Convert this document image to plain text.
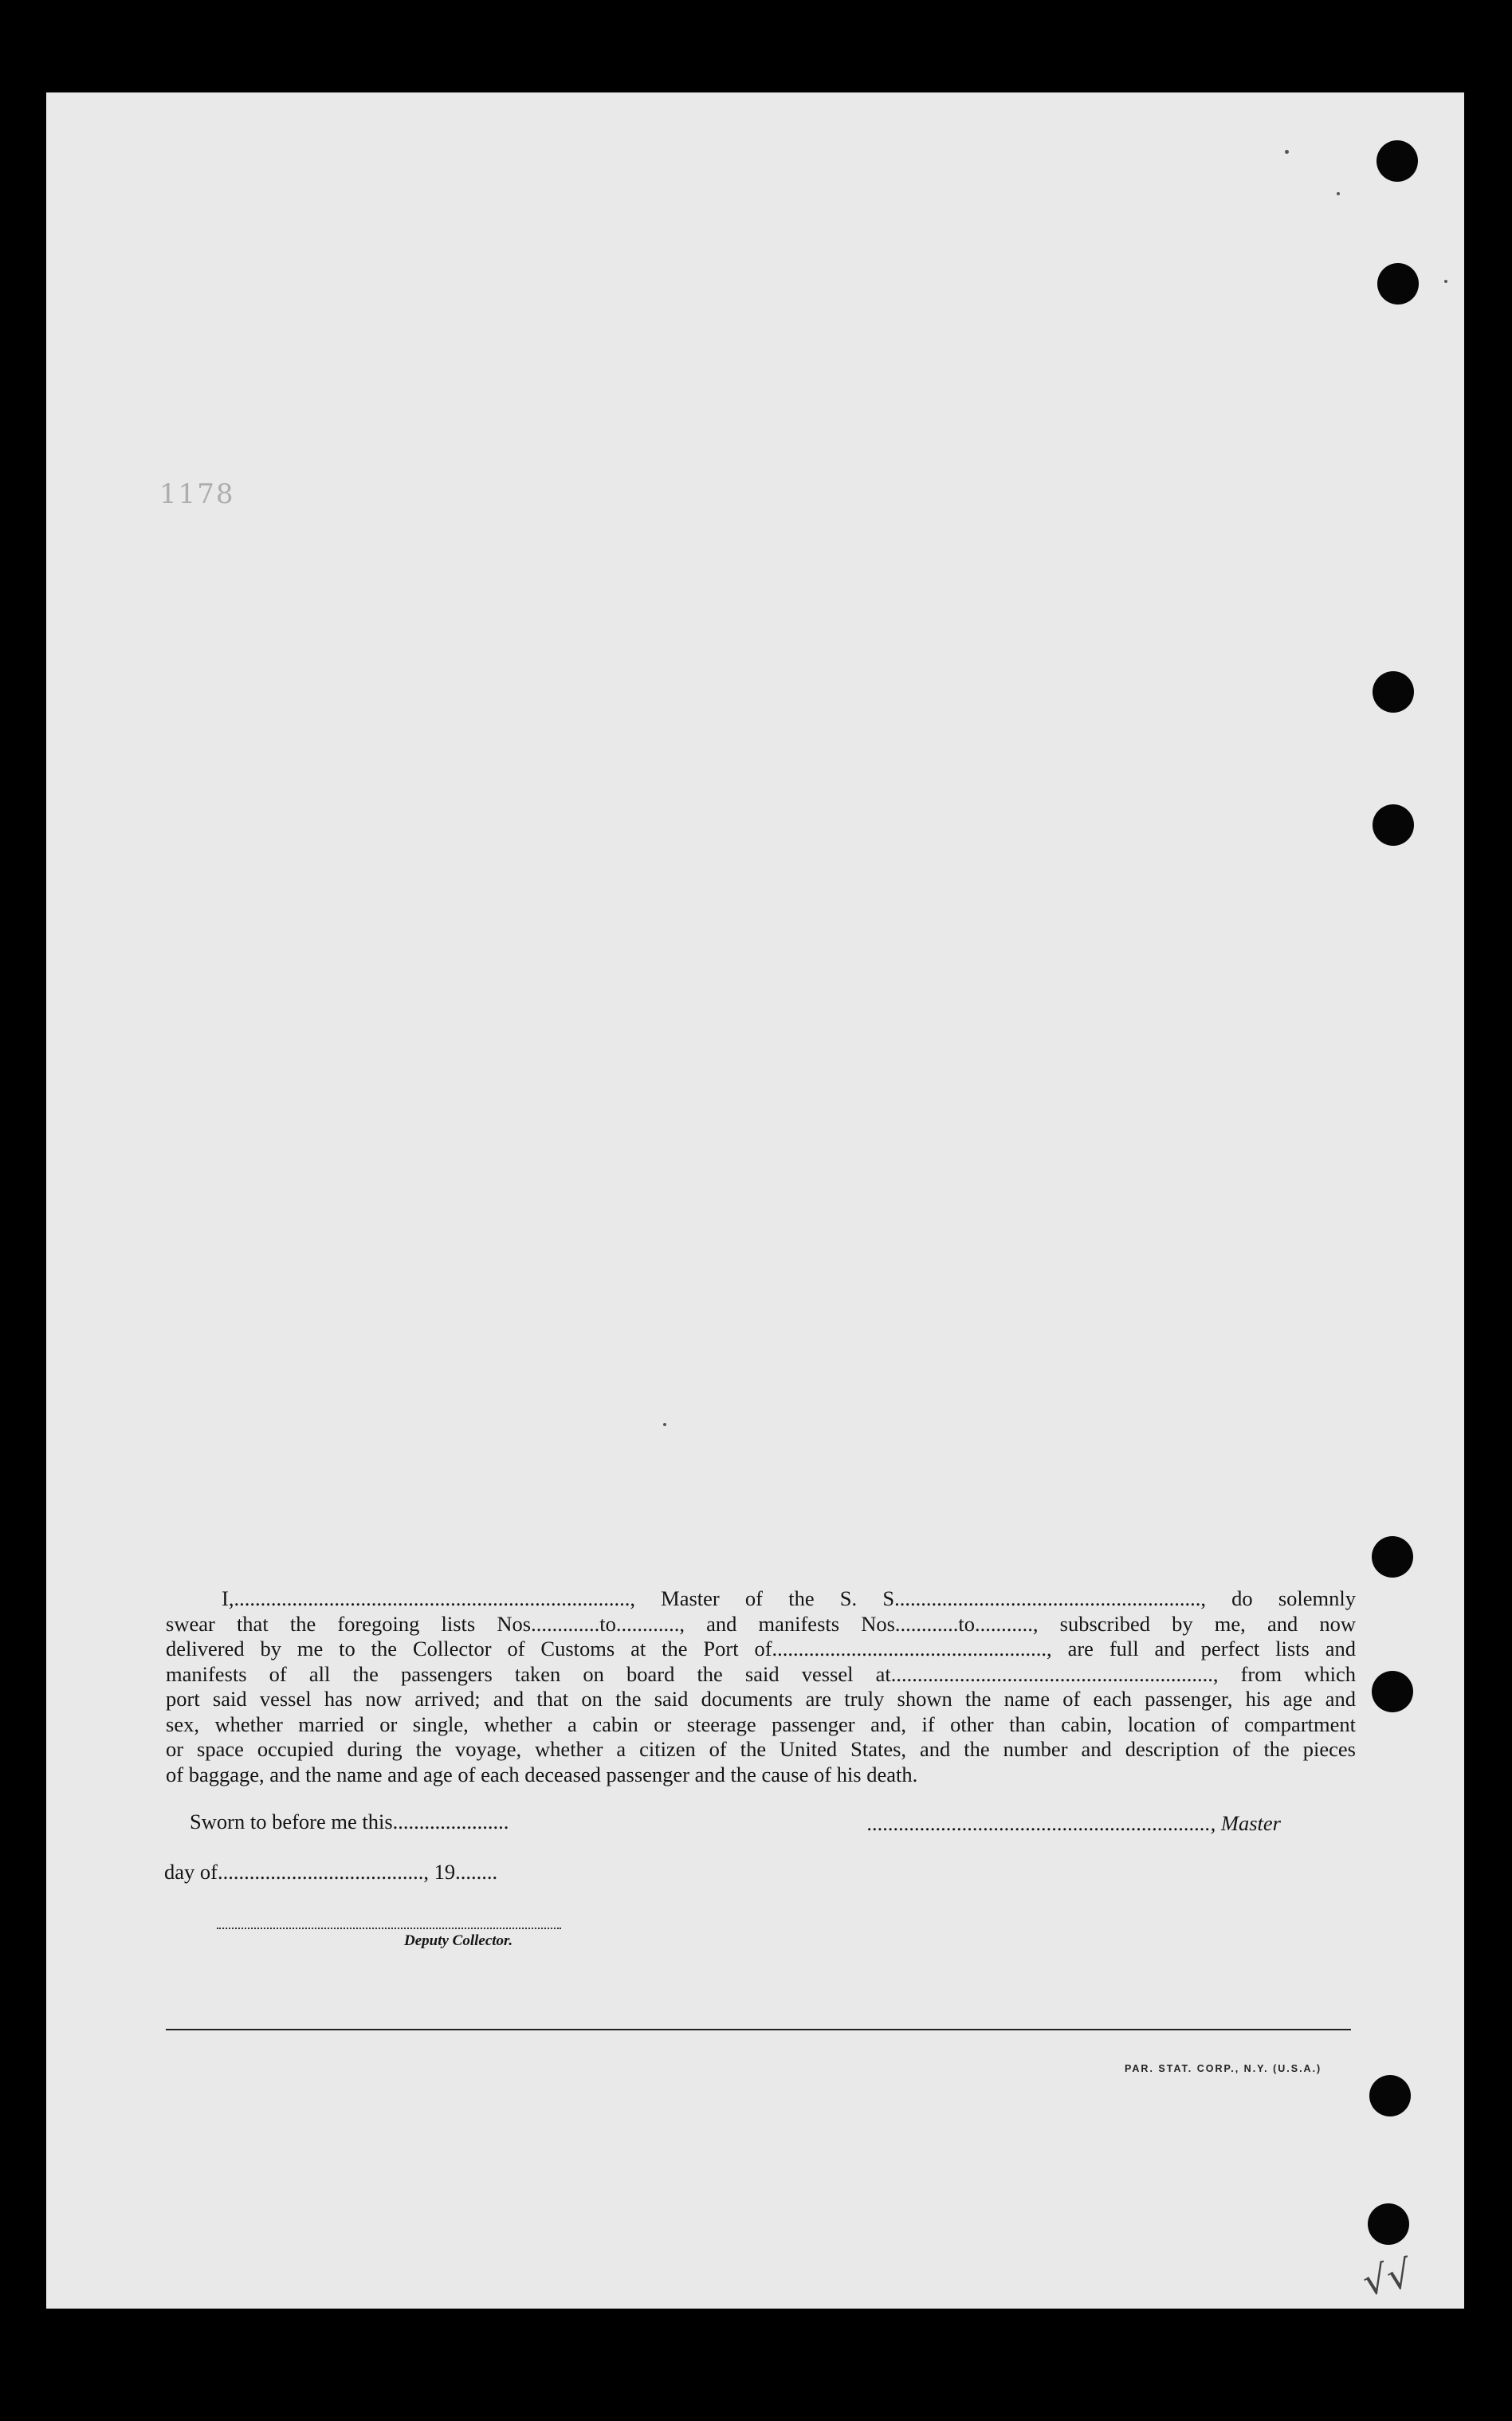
1178

I,..........................................................................., Master of the S. S.........................................................., do solemnly

swear that the foregoing lists Nos.............to............, and manifests Nos............to..........., subscribed by me, and now

delivered by me to the Collector of Customs at the Port of...................................................., are full and perfect lists and

manifests of all the passengers taken on board the said vessel at............................................................., from which

port said vessel has now arrived; and that on the said documents are truly shown the name of each passenger, his age and

sex, whether married or single, whether a cabin or steerage passenger and, if other than cabin, location of compartment

or space occupied during the voyage, whether a citizen of the United States, and the number and description of the pieces

of baggage, and the name and age of each deceased passenger and the cause of his death.

Sworn to before me this......................	................................................................., Master
day of......................................., 19........
Deputy Collector.
PAR. STAT. CORP., N.Y. (U.S.A.)
√√
